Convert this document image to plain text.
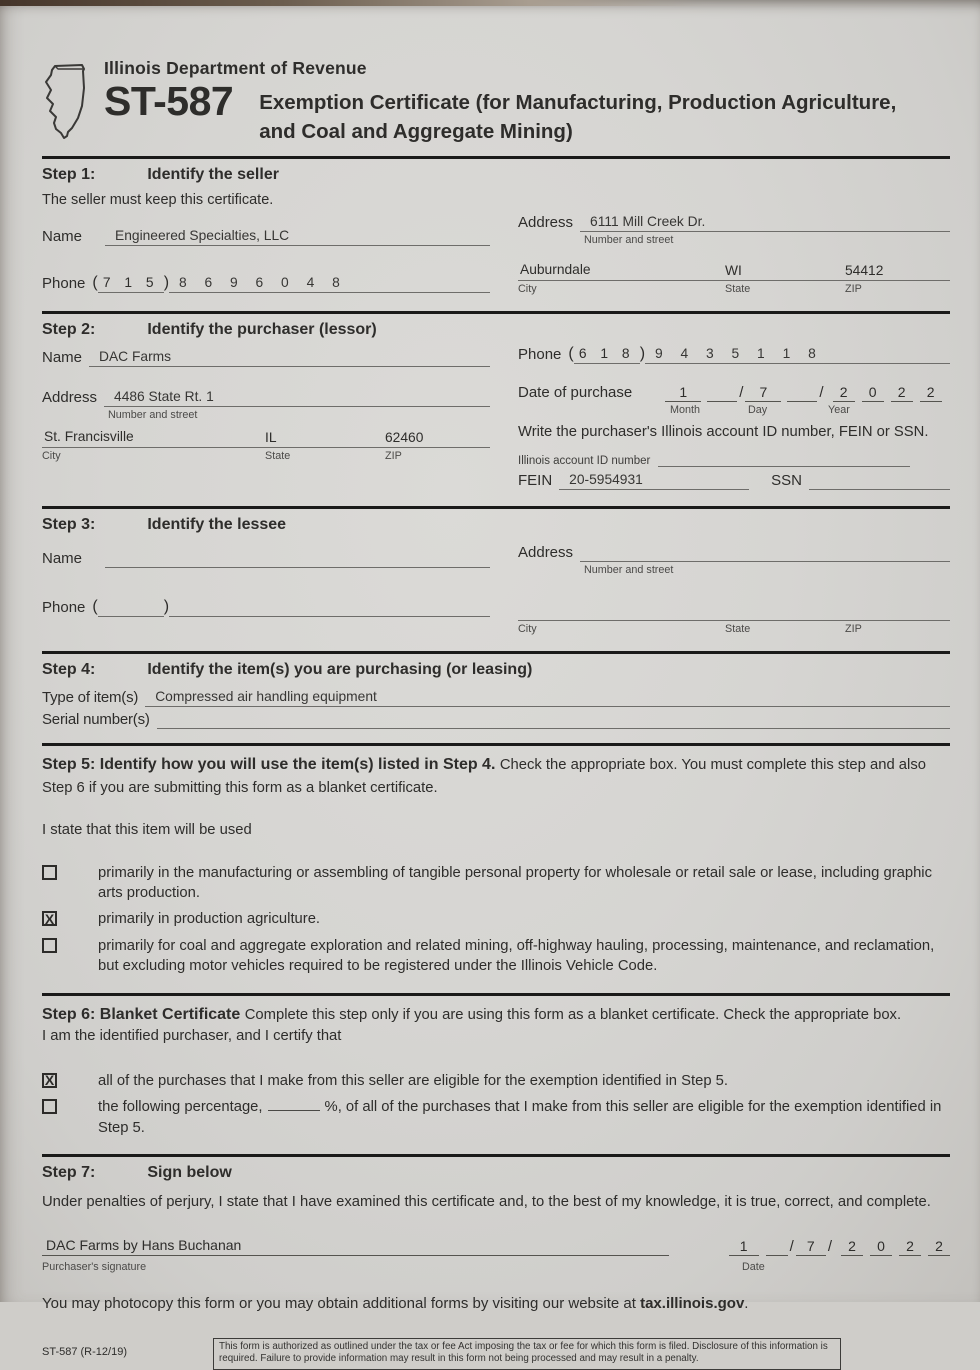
Illinois Department of Revenue
ST-587 Exemption Certificate (for Manufacturing, Production Agriculture,
and Coal and Aggregate Mining)

Step 1:	Identify the seller

The seller must keep this certificate.

Name	Engineered Specialties, LLC
Phone ( 7 1 5 ) 8 6 9 6 0 4 8
Address	6111 Mill Creek Dr.
Number and street
Auburndale	WI	54412
City	State	ZIP

Step 2:	Identify the purchaser (lessor)

Name	DAC Farms
Address	4486 State Rt. 1
Number and street
St. Francisville	IL	62460
City	State	ZIP
Phone ( 6 1 8 ) 9 4 3 5 1 1 8
Date of purchase	1	/	7	/	2	0	2	2
Month	Day	Year

Write the purchaser's Illinois account ID number, FEIN or SSN.

Illinois account ID number
FEIN	20-5954931	SSN

Step 3:	Identify the lessee

Name
Phone (	)
Address
Number and street
City	State	ZIP

Step 4:	Identify the item(s) you are purchasing (or leasing)

Type of item(s)	Compressed air handling equipment
Serial number(s)

Step 5: Identify how you will use the item(s) listed in Step 4. Check the appropriate box. You must complete this step and also Step 6 if you are submitting this form as a blanket certificate.

I state that this item will be used

primarily in the manufacturing or assembling of tangible personal property for wholesale or retail sale or lease, including graphic arts production.

X	primarily in production agriculture.

primarily for coal and aggregate exploration and related mining, off-highway hauling, processing, maintenance, and reclamation, but excluding motor vehicles required to be registered under the Illinois Vehicle Code.

Step 6: Blanket Certificate Complete this step only if you are using this form as a blanket certificate. Check the appropriate box.

I am the identified purchaser, and I certify that

X	all of the purchases that I make from this seller are eligible for the exemption identified in Step 5.

the following percentage,	%, of all of the purchases that I make from this seller are eligible for the exemption identified in Step 5.

Step 7:	Sign below

Under penalties of perjury, I state that I have examined this certificate and, to the best of my knowledge, it is true, correct, and complete.

DAC Farms by Hans Buchanan	1	/ 7 /	2	0	2	2
Purchaser's signature	Date

You may photocopy this form or you may obtain additional forms by visiting our website at tax.illinois.gov.

ST-587 (R-12/19)	This form is authorized as outlined under the tax or fee Act imposing the tax or fee for which this form is filed. Disclosure of this information is required. Failure to provide information may result in this form not being processed and may result in a penalty.
